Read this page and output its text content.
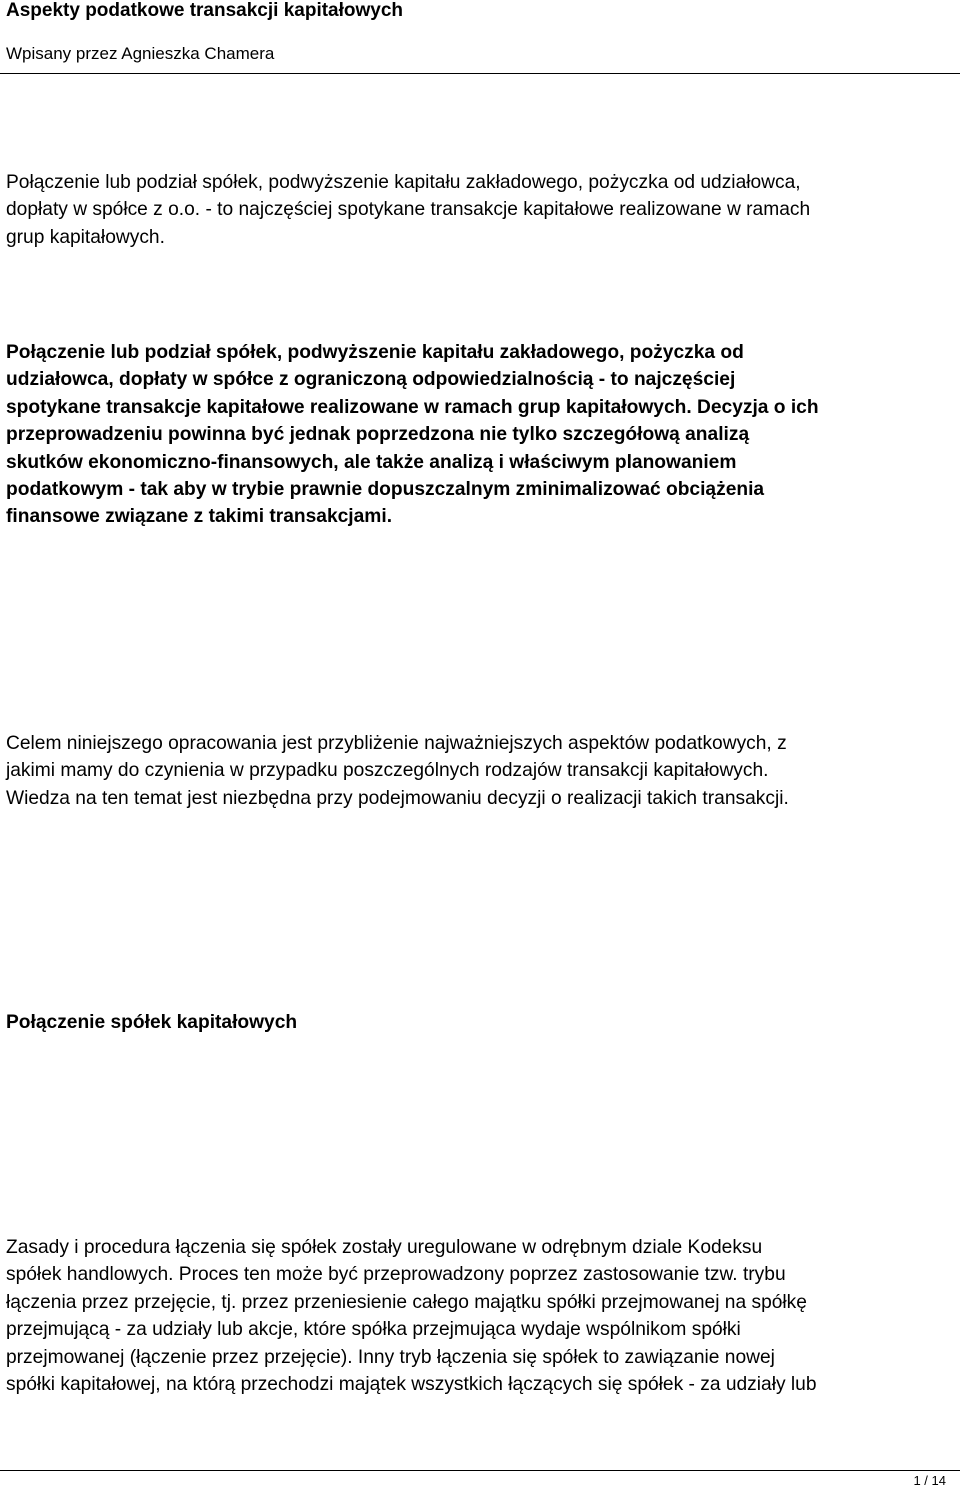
Aspekty podatkowe transakcji kapitałowych
Wpisany przez Agnieszka Chamera

Połączenie lub podział spółek, podwyższenie kapitału zakładowego, pożyczka od udziałowca,
dopłaty w spółce z o.o. - to najczęściej spotykane transakcje kapitałowe realizowane w ramach
grup kapitałowych.

Połączenie lub podział spółek, podwyższenie kapitału zakładowego, pożyczka od
udziałowca, dopłaty w spółce z ograniczoną odpowiedzialnością - to najczęściej
spotykane transakcje kapitałowe realizowane w ramach grup kapitałowych. Decyzja o ich
przeprowadzeniu powinna być jednak poprzedzona nie tylko szczegółową analizą
skutków ekonomiczno-finansowych, ale także analizą i właściwym planowaniem
podatkowym - tak aby w trybie prawnie dopuszczalnym zminimalizować obciążenia
finansowe związane z takimi transakcjami.

Celem niniejszego opracowania jest przybliżenie najważniejszych aspektów podatkowych, z
jakimi mamy do czynienia w przypadku poszczególnych rodzajów transakcji kapitałowych.
Wiedza na ten temat jest niezbędna przy podejmowaniu decyzji o realizacji takich transakcji.

Połączenie spółek kapitałowych

Zasady i procedura łączenia się spółek zostały uregulowane w odrębnym dziale Kodeksu
spółek handlowych. Proces ten może być przeprowadzony poprzez zastosowanie tzw. trybu
łączenia przez przejęcie, tj. przez przeniesienie całego majątku spółki przejmowanej na spółkę
przejmującą - za udziały lub akcje, które spółka przejmująca wydaje wspólnikom spółki
przejmowanej (łączenie przez przejęcie). Inny tryb łączenia się spółek to zawiązanie nowej
spółki kapitałowej, na którą przechodzi majątek wszystkich łączących się spółek - za udziały lub

1 / 14
